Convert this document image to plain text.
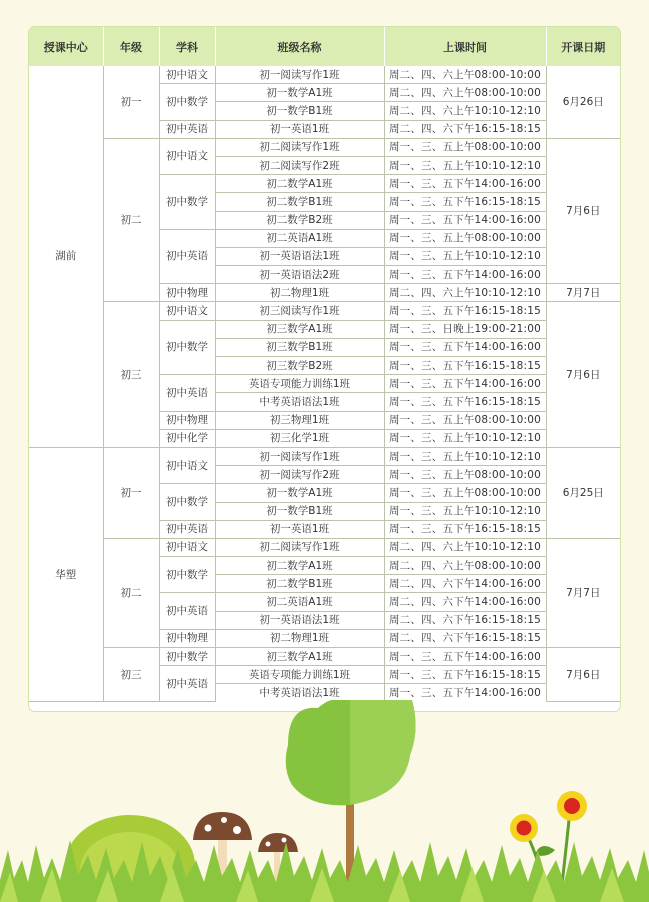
授课中心	年级	学科	班级名称	上课时间	开课日期
湖前	初一	初中语文	初一阅读写作1班	周二、四、六上午08:00-10:00	6月26日
		初中数学	初一数学A1班	周二、四、六上午08:00-10:00	
			初一数学B1班	周二、四、六上午10:10-12:10	
		初中英语	初一英语1班	周二、四、六下午16:15-18:15	
	初二	初中语文	初二阅读写作1班	周一、三、五上午08:00-10:00	7月6日
			初二阅读写作2班	周一、三、五上午10:10-12:10	
		初中数学	初二数学A1班	周一、三、五下午14:00-16:00	
			初二数学B1班	周一、三、五下午16:15-18:15	
			初二数学B2班	周一、三、五下午14:00-16:00	
		初中英语	初二英语A1班	周一、三、五上午08:00-10:00	
			初一英语语法1班	周一、三、五上午10:10-12:10	
			初一英语语法2班	周一、三、五下午14:00-16:00	
		初中物理	初二物理1班	周二、四、六上午10:10-12:10	7月7日
	初三	初中语文	初三阅读写作1班	周一、三、五下午16:15-18:15	7月6日
		初中数学	初三数学A1班	周一、三、日晚上19:00-21:00	
			初三数学B1班	周一、三、五下午14:00-16:00	
			初三数学B2班	周一、三、五下午16:15-18:15	
		初中英语	英语专项能力训练1班	周一、三、五下午14:00-16:00	
			中考英语语法1班	周一、三、五下午16:15-18:15	
		初中物理	初三物理1班	周一、三、五上午08:00-10:00	
		初中化学	初三化学1班	周一、三、五上午10:10-12:10	
华塑	初一	初中语文	初一阅读写作1班	周一、三、五上午10:10-12:10	6月25日
			初一阅读写作2班	周一、三、五上午08:00-10:00	
		初中数学	初一数学A1班	周一、三、五上午08:00-10:00	
			初一数学B1班	周一、三、五上午10:10-12:10	
		初中英语	初一英语1班	周一、三、五下午16:15-18:15	
	初二	初中语文	初二阅读写作1班	周二、四、六上午10:10-12:10	7月7日
		初中数学	初二数学A1班	周二、四、六上午08:00-10:00	
			初二数学B1班	周二、四、六下午14:00-16:00	
		初中英语	初二英语A1班	周二、四、六下午14:00-16:00	
			初一英语语法1班	周二、四、六下午16:15-18:15	
		初中物理	初二物理1班	周二、四、六下午16:15-18:15	
	初三	初中数学	初三数学A1班	周一、三、五下午14:00-16:00	7月6日
		初中英语	英语专项能力训练1班	周一、三、五下午16:15-18:15	
			中考英语语法1班	周一、三、五下午14:00-16:00	
